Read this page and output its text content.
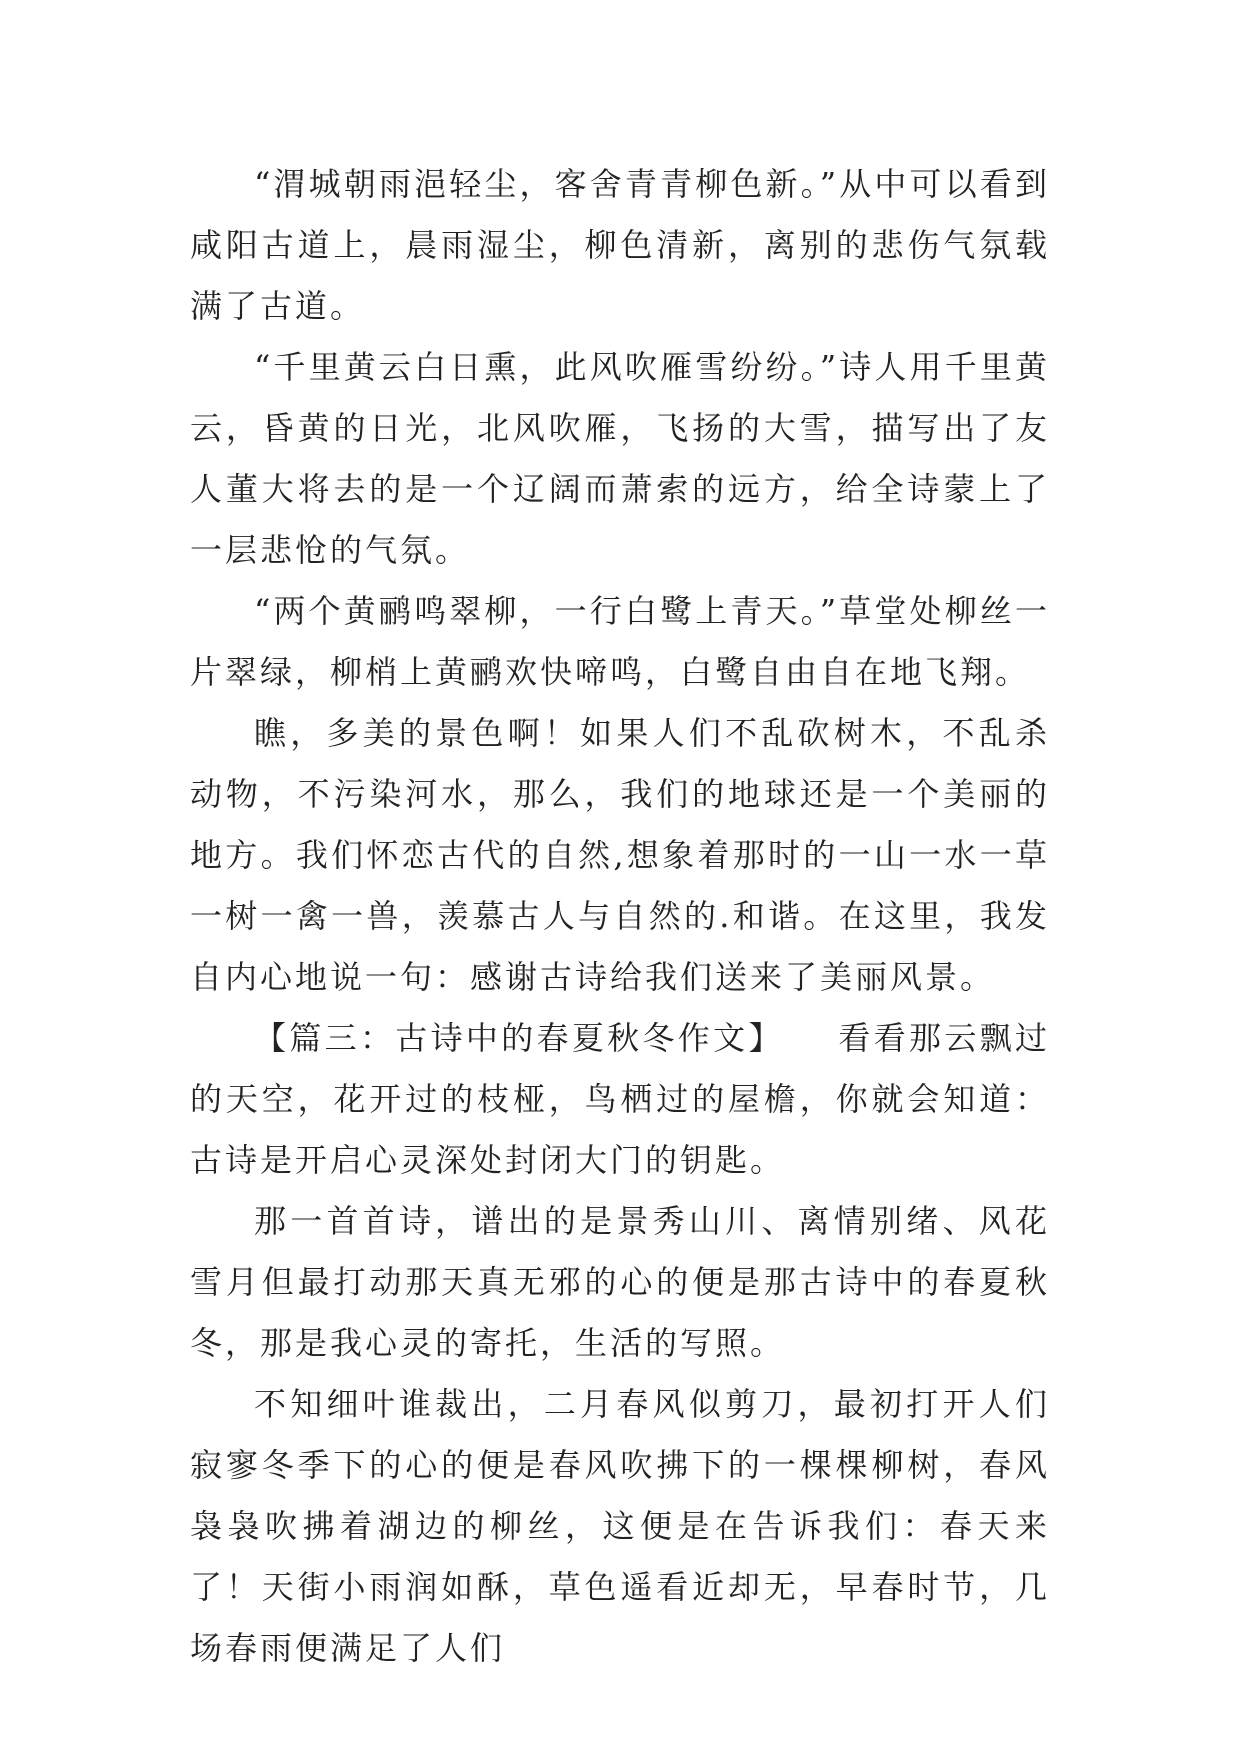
“渭城朝雨浥轻尘，客舍青青柳色新。”从中可以看到咸阳古道上，晨雨湿尘，柳色清新，离别的悲伤气氛载满了古道。

“千里黄云白日熏，此风吹雁雪纷纷。”诗人用千里黄云，昏黄的日光，北风吹雁，飞扬的大雪，描写出了友人董大将去的是一个辽阔而萧索的远方，给全诗蒙上了一层悲怆的气氛。

“两个黄鹂鸣翠柳，一行白鹭上青天。”草堂处柳丝一片翠绿，柳梢上黄鹂欢快啼鸣，白鹭自由自在地飞翔。

瞧，多美的景色啊！如果人们不乱砍树木，不乱杀动物，不污染河水，那么，我们的地球还是一个美丽的地方。我们怀恋古代的自然,想象着那时的一山一水一草一树一禽一兽，羡慕古人与自然的.和谐。在这里，我发自内心地说一句：感谢古诗给我们送来了美丽风景。

【篇三：古诗中的春夏秋冬作文】　　看看那云飘过的天空，花开过的枝桠，鸟栖过的屋檐，你就会知道：古诗是开启心灵深处封闭大门的钥匙。

那一首首诗，谱出的是景秀山川、离情别绪、风花雪月但最打动那天真无邪的心的便是那古诗中的春夏秋冬，那是我心灵的寄托，生活的写照。

不知细叶谁裁出，二月春风似剪刀，最初打开人们寂寥冬季下的心的便是春风吹拂下的一棵棵柳树，春风袅袅吹拂着湖边的柳丝，这便是在告诉我们：春天来了！天街小雨润如酥，草色遥看近却无，早春时节，几场春雨便满足了人们
